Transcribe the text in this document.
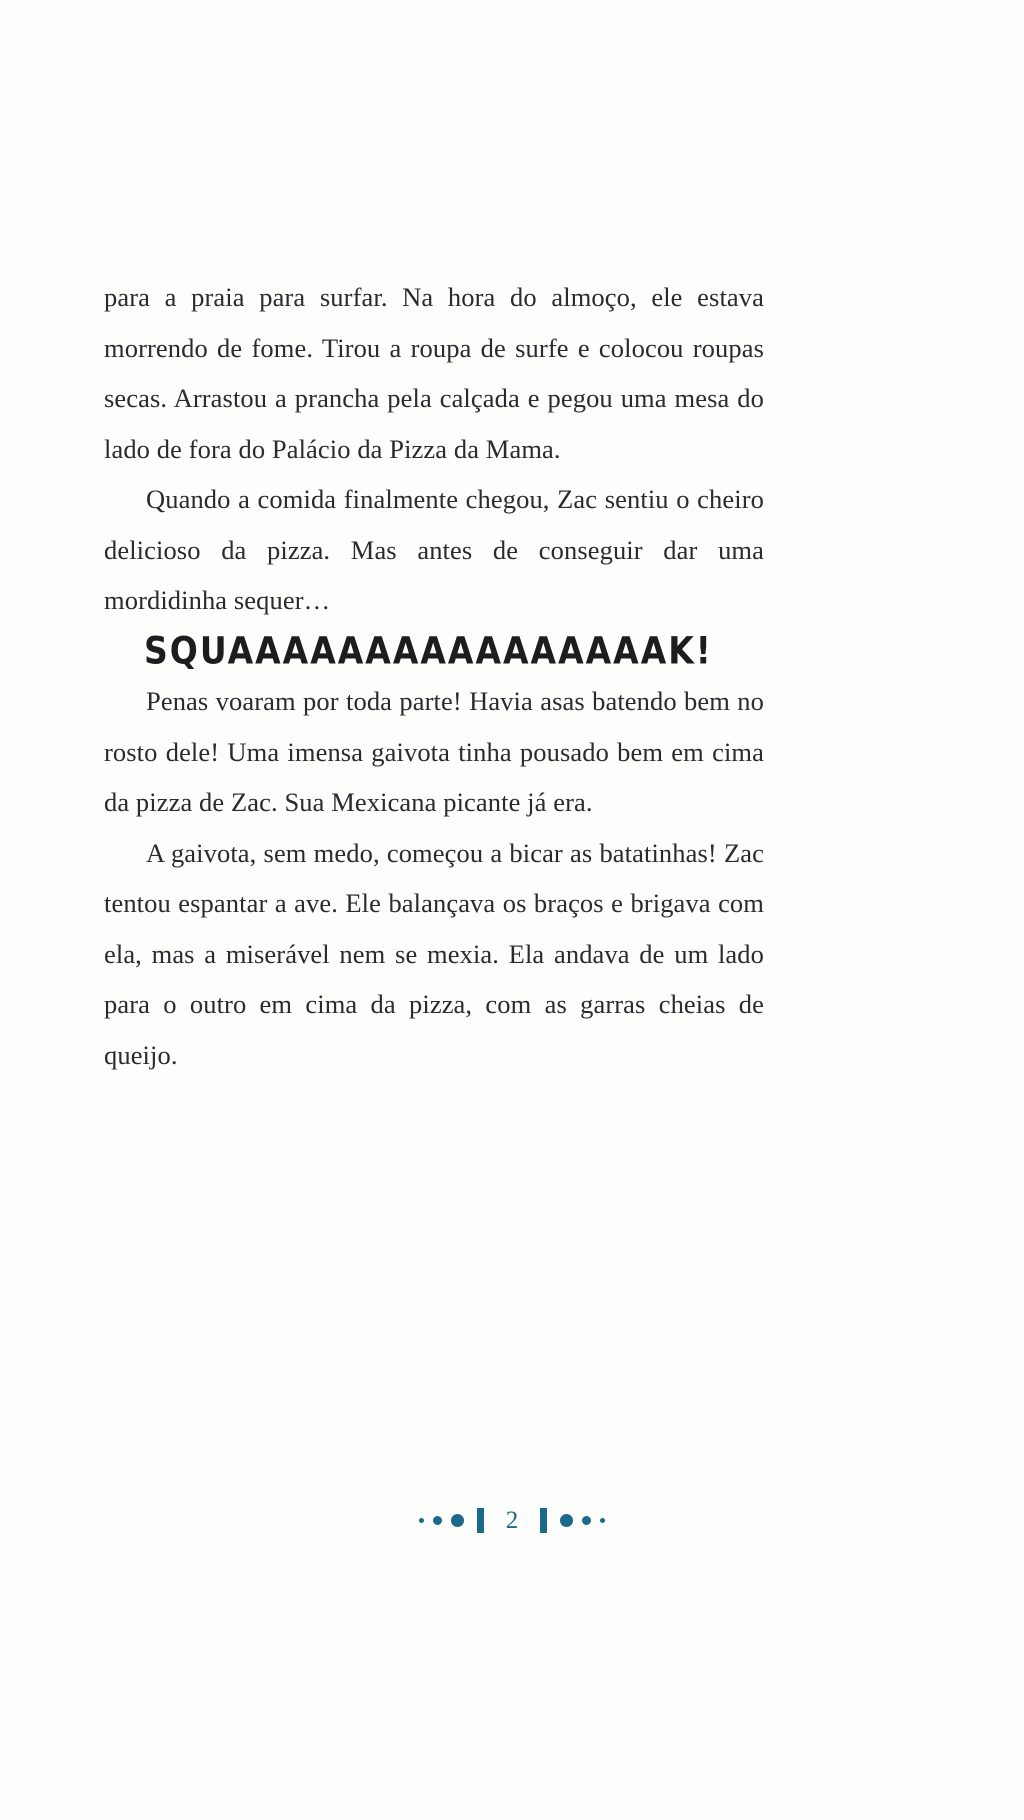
para a praia para surfar. Na hora do almoço, ele estava morrendo de fome. Tirou a roupa de surfe e colocou roupas secas. Arrastou a prancha pela calçada e pegou uma mesa do lado de fora do Palácio da Pizza da Mama.

Quando a comida finalmente chegou, Zac sentiu o cheiro delicioso da pizza. Mas antes de conseguir dar uma mordidinha sequer…

SQUAAAAAAAAAAAAAAAAK!

Penas voaram por toda parte! Havia asas batendo bem no rosto dele! Uma imensa gaivota tinha pousado bem em cima da pizza de Zac. Sua Mexicana picante já era.

A gaivota, sem medo, começou a bicar as batatinhas! Zac tentou espantar a ave. Ele balançava os braços e brigava com ela, mas a miserável nem se mexia. Ela andava de um lado para o outro em cima da pizza, com as garras cheias de queijo.

2
